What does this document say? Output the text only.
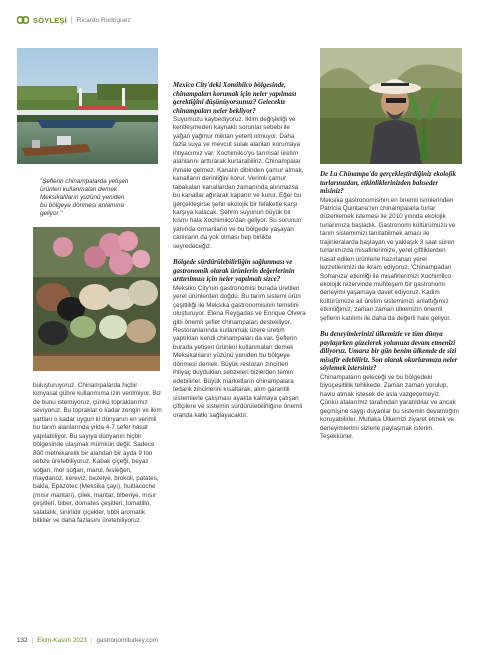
SÖYLEŞİ | Ricardo Rodriguez
"Şeflerin chinampalarda yetişen ürünleri kullanmalan demek Meksikalıların yüzünü yeniden bu bölgeye dönmesi anlamına geliyor."
buluşturuyoruz. Chinampalarda hiçbir kimyasal gübre kullanmıma izin verilmiyor. Biz de bunu istemiyoruz, çünkü topraklarımız sevıyoruz. Bu topraklar o kadar zengin ve ikim şartları o kadar uygun ki dünyanın en verimli bu tarım alanlarında yılda 4-7 sefer hasat yapılabiliyor. Bu sayıya dünyanın hiçbir bölgesinde ulaşmak mümkün değil. Sadece 800 metrekarelik bir alandan bir ayda 9 ton sebze üretebiliyoruz. Kabak çiçeği, beyaz soğan, mor soğan, marul, fesleğen, maydanoz, kereviz, bezelye, brokoli, patates, bakla, Epazotec (Meksika çayı), huitlacoche (mısır mantarı), çilek, mantar, biberiye, mısır çeşitleri, biber, domates çeşitleri, tomatillo, salatalık, sinirlidir çiçekler, tıbbi aromatik bitkiler ve daha fazlasını üretebiliyoruz.
Mexico City'deki Xomihilco bölgesinde, chinampaları korumak için neler yapılması gerektiğini düşünüyorsunuz? Gelecekte chinampaları neler bekliyor?
Suyumuzu kaybediyoruz. İklim değişikliği ve kentleşmeden kaynaklı sorunlar sebebi ile yağan yağmur miktarı yeterli olmuyor. Daha fazla suya ve mevcut sulak alanları korumaya ihtiyacımız var. Xochimilco'yu tarımsal üretim alanlarını arttırarak kurtarabiliriz. Chinampalar ihmale gelmez. Kanalın dibinden çamur almak, kanalların derinliğini korur. Verimli çamur tabakaları kanallardan zamanında alınmazsa bu kanallar ağırarak kapanır ve kurur. Eğer bu gerçekleşirse şehir ekolojik bir felaketle karşı karşıya kalacak. Şehrin suyunun büyük bir kısmı hala Xochimilco'dan geliyor. Su sorunun yanında ormanların ve bu bölgede yaşayan canlıların da yok olması hep birlikte seyredeceğiz.
Bölgede sürdürülebilirliğin sağlanması ve gastronomik olarak ürünlerin değerlerinin arttırılması için neler yapılmalı sizce?
Meksiko City'nin gastronomisi burada üretilen yerel ürünlerden doğdu. Bu tarım sistemi ürün çeşitliliği ile Meksika gastronomisinin temelini oluşturuyor. Elena Reygadas ve Enrique Olvera gibi önemli şefler chinampaları destekliyor. Restoranlarında kullanmak üzere üretim yaptıkları kendi chinampaları da var. Şeflerin burada yetişen ürünleri kullanmaları demek Meksikalıların yüzünü yeniden bu bölgeye dönmesi demek. Büyük restoran zincirleri ihtiyaç duydukları sebzeleri bizlerden temin edebilirler. Büyük marketların chinampalara tedarik zincirlerini kısaltarak, alım garantili sistemlerle çalışması ayakta kalmaya çalışan çiftçilere ve sistemin sürdürülebilirliğine önemli oranda katkı sağlayacaktır.
De La Chinampa'da gerçekleştirdiğiniz ekolojik turlarınızdan, etkinliklerinizden bahseder misiniz?
Meksika gastronomisinin en önemli isimlerinden Patricia Quintana'nın chinampalarla turlar düzenlemek istemesi ile 2010 yılında ekolojik turlarımıza başladık. Gastronomi kültürümüzü ve tarım sistemimizi tanıtabilmek amacı ile trajinleralarda başlayan ve yaklaşık 3 saat süren turlarımızda misafirlerimize, yerel çiftliklerden hasat edilen ürünlerle hazırlanan yerel lezzetlerimizi de ikram ediyoruz. 'Chinampadan Sofranıza' etkinliği ile misafirlerimizi Xochimilco ekolojik rezervinde muhteşem bir gastronomi deneyimi yaşamaya davet ediyoruz. Kadim kültürümüze ait üretim sistemimizi anlattığımız etkinliğimiz, zaman zaman ülkemizin önemli şeflerin katılımı ile daha da değerli hale geliyor.
Bu deneyimlerinizi ülkemizle ve tüm dünya paylaşırken güzelerek yolunuza devam etmenizi diliyoruz. Umarız bir gün benim ülkemde de sizi misafir edebiliriz. Son olarak okurlarımıza neler söylemek istersiniz?
Chinampaların geleceği ve bu bölgedeki biyoçeşitlilik tehlikede. Zaman zaman yorulup, havlu atmak istesek de asla vazgeçemeyiz. Çünkü atalarımız tarafından yaratıldılar ve ancak geçmişine saygı duyanlar bu sistemin devamlığını koruyabilirler. Mutlaka Ülkemizi ziyaret etmek ve deneyimlerimi sizlerle paylaşmak isterim. Teşekkürler.
132 | Ekim-Kasım 2023 | gastronomiturkey.com
